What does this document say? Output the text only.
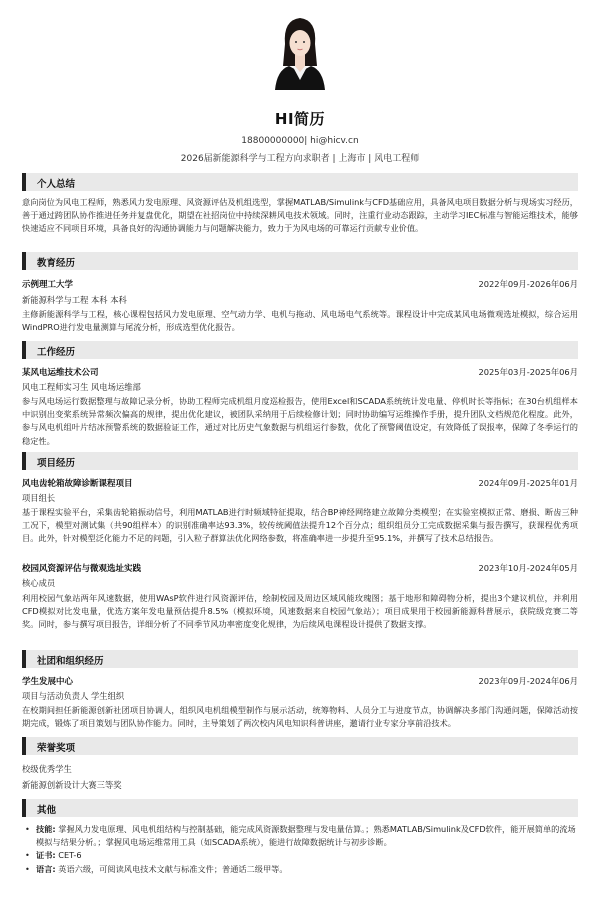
HI简历
18800000000| hi@hicv.cn
2026届新能源科学与工程方向求职者 | 上海市 | 风电工程师
个人总结
意向岗位为风电工程师，熟悉风力发电原理、风资源评估及机组选型，掌握MATLAB/Simulink与CFD基础应用，具备风电项目数据分析与现场实习经历，善于通过跨团队协作推进任务并复盘优化，期望在社招岗位中持续深耕风电技术领域。同时，注重行业动态跟踪，主动学习IEC标准与智能运维技术，能够快速适应不同项目环境，具备良好的沟通协调能力与问题解决能力，致力于为风电场的可靠运行贡献专业价值。
教育经历
示例理工大学	2022年09月-2026年06月
新能源科学与工程 本科 本科
主修新能源科学与工程，核心课程包括风力发电原理、空气动力学、电机与拖动、风电场电气系统等。课程设计中完成某风电场微观选址模拟，综合运用WindPRO进行发电量测算与尾流分析，形成选型优化报告。
工作经历
某风电运维技术公司	2025年03月-2025年06月
风电工程师实习生 风电场运维部
参与风电场运行数据整理与故障记录分析，协助工程师完成机组月度巡检报告，使用Excel和SCADA系统统计发电量、停机时长等指标；在30台机组样本中识别出变桨系统异常频次偏高的规律，提出优化建议，被团队采纳用于后续检修计划；同时协助编写运维操作手册，提升团队文档规范化程度。此外，参与风电机组叶片结冰预警系统的数据验证工作，通过对比历史气象数据与机组运行参数，优化了预警阈值设定，有效降低了误报率，保障了冬季运行的稳定性。
项目经历
风电齿轮箱故障诊断课程项目	2024年09月-2025年01月
项目组长
基于课程实验平台，采集齿轮箱振动信号，利用MATLAB进行时频域特征提取，结合BP神经网络建立故障分类模型；在实验室模拟正常、磨损、断齿三种工况下，模型对测试集（共90组样本）的识别准确率达93.3%，较传统阈值法提升12个百分点；组织组员分工完成数据采集与报告撰写，获课程优秀项目。此外，针对模型泛化能力不足的问题，引入粒子群算法优化网络参数，将准确率进一步提升至95.1%，并撰写了技术总结报告。
校园风资源评估与微观选址实践	2023年10月-2024年05月
核心成员
利用校园气象站两年风速数据，使用WAsP软件进行风资源评估，绘制校园及周边区域风能玫瑰图；基于地形和障碍物分析，提出3个建议机位，并利用CFD模拟对比发电量，优选方案年发电量预估提升8.5%（模拟环境，风速数据来自校园气象站）；项目成果用于校园新能源科普展示，获院级竞赛二等奖。同时，参与撰写项目报告，详细分析了不同季节风功率密度变化规律，为后续风电课程设计提供了数据支撑。
社团和组织经历
学生发展中心	2023年09月-2024年06月
项目与活动负责人 学生组织
在校期间担任新能源创新社团项目协调人，组织风电机组模型制作与展示活动，统筹物料、人员分工与进度节点，协调解决多部门沟通问题，保障活动按期完成，锻炼了项目策划与团队协作能力。同时，主导策划了两次校内风电知识科普讲座，邀请行业专家分享前沿技术。
荣誉奖项
校级优秀学生
新能源创新设计大赛三等奖
其他
• 技能: 掌握风力发电原理、风电机组结构与控制基础，能完成风资源数据整理与发电量估算。；熟悉MATLAB/Simulink及CFD软件，能开展简单的流场模拟与结果分析。；掌握风电场运维常用工具（如SCADA系统），能进行故障数据统计与初步诊断。
• 证书: CET-6
• 语言: 英语六级，可阅读风电技术文献与标准文件；普通话二级甲等。
